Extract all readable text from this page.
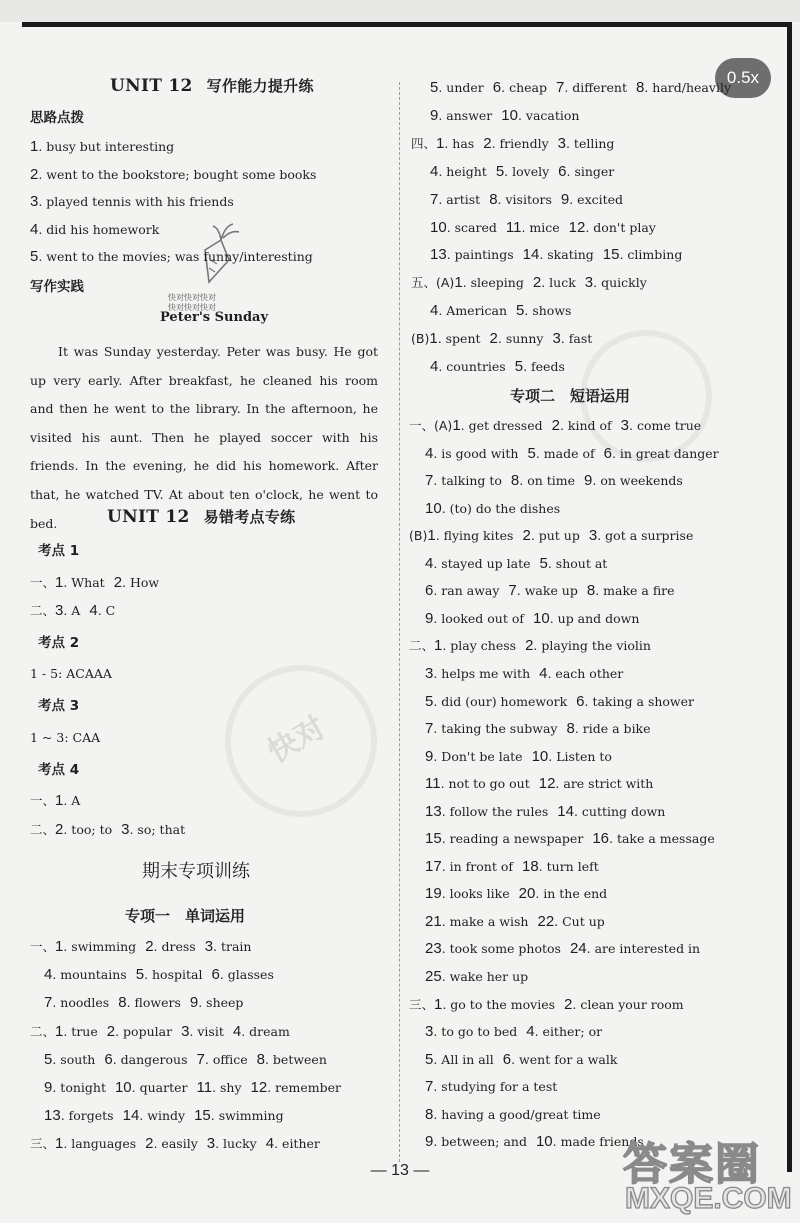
0.5x
快对
UNIT 12 写作能力提升练
思路点拨
1. busy but interesting
2. went to the bookstore; bought some books
3. played tennis with his friends
4. did his homework
5. went to the movies; was funny/interesting
写作实践
快对快对快对
快对快对快对
Peter's Sunday
It was Sunday yesterday. Peter was busy. He got up very early. After breakfast, he cleaned his room and then he went to the library. In the afternoon, he visited his aunt. Then he played soccer with his friends. In the evening, he did his homework. After that, he watched TV. At about ten o'clock, he went to bed.	UNIT 12 易错考点专练
考点 1
一、1. What 2. How
二、3. A 4. C
考点 2
1 - 5: ACAAA
考点 3
1 ~ 3: CAA
考点 4
一、1. A
二、2. too; to 3. so; that
期末专项训练
专项一　单词运用
一、1. swimming 2. dress 3. train
4. mountains 5. hospital 6. glasses
7. noodles 8. flowers 9. sheep
二、1. true 2. popular 3. visit 4. dream
5. south 6. dangerous 7. office 8. between
9. tonight 10. quarter 11. shy 12. remember
13. forgets 14. windy 15. swimming
三、1. languages 2. easily 3. lucky 4. either
5. under 6. cheap 7. different 8. hard/heavily
9. answer 10. vacation
四、1. has 2. friendly 3. telling
4. height 5. lovely 6. singer
7. artist 8. visitors 9. excited
10. scared 11. mice 12. don't play
13. paintings 14. skating 15. climbing
五、(A)1. sleeping 2. luck 3. quickly
4. American 5. shows
(B)1. spent 2. sunny 3. fast
4. countries 5. feeds
专项二　短语运用
一、(A)1. get dressed 2. kind of 3. come true
4. is good with 5. made of 6. in great danger
7. talking to 8. on time 9. on weekends
10. (to) do the dishes
(B)1. flying kites 2. put up 3. got a surprise
4. stayed up late 5. shout at
6. ran away 7. wake up 8. make a fire
9. looked out of 10. up and down
二、1. play chess 2. playing the violin
3. helps me with 4. each other
5. did (our) homework 6. taking a shower
7. taking the subway 8. ride a bike
9. Don't be late 10. Listen to
11. not to go out 12. are strict with
13. follow the rules 14. cutting down
15. reading a newspaper 16. take a message
17. in front of 18. turn left
19. looks like 20. in the end
21. make a wish 22. Cut up
23. took some photos 24. are interested in
25. wake her up
三、1. go to the movies 2. clean your room
3. to go to bed 4. either; or
5. All in all 6. went for a walk
7. studying for a test
8. having a good/great time
9. between; and 10. made friends
— 13 —	答案圈
MXQE.COM
